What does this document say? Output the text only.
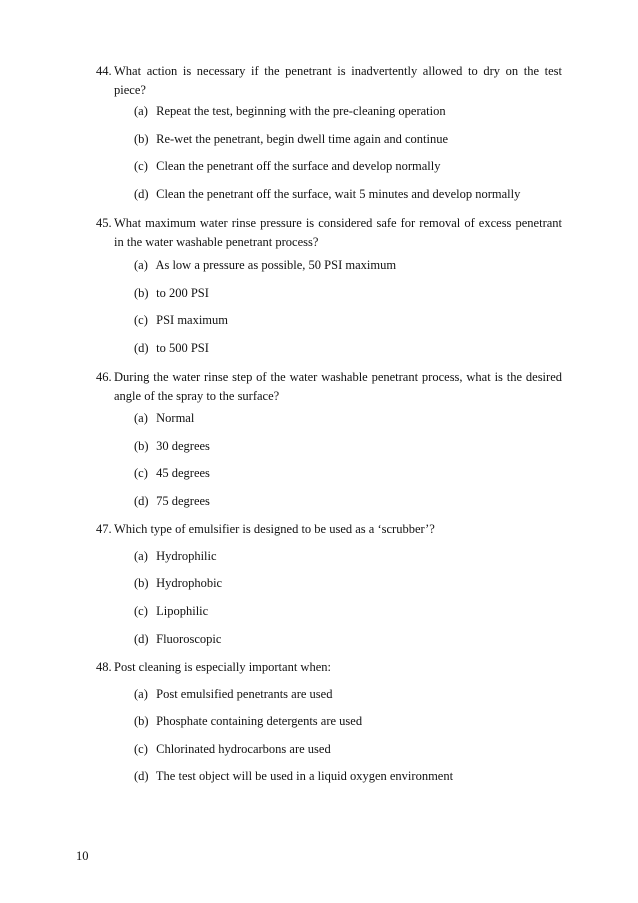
44. What action is necessary if the penetrant is inadvertently allowed to dry on the test piece?
(a) Repeat the test, beginning with the pre-cleaning operation
(b) Re-wet the penetrant, begin dwell time again and continue
(c) Clean the penetrant off the surface and develop normally
(d) Clean the penetrant off the surface, wait 5 minutes and develop normally
45. What maximum water rinse pressure is considered safe for removal of excess penetrant in the water washable penetrant process?
(a) As low a pressure as possible, 50 PSI maximum
(b) to 200 PSI
(c) PSI maximum
(d) to 500 PSI
46. During the water rinse step of the water washable penetrant process, what is the desired angle of the spray to the surface?
(a) Normal
(b) 30 degrees
(c) 45 degrees
(d) 75 degrees
47. Which type of emulsifier is designed to be used as a ‘scrubber’?
(a) Hydrophilic
(b) Hydrophobic
(c) Lipophilic
(d) Fluoroscopic
48. Post cleaning is especially important when:
(a) Post emulsified penetrants are used
(b) Phosphate containing detergents are used
(c) Chlorinated hydrocarbons are used
(d) The test object will be used in a liquid oxygen environment
10
